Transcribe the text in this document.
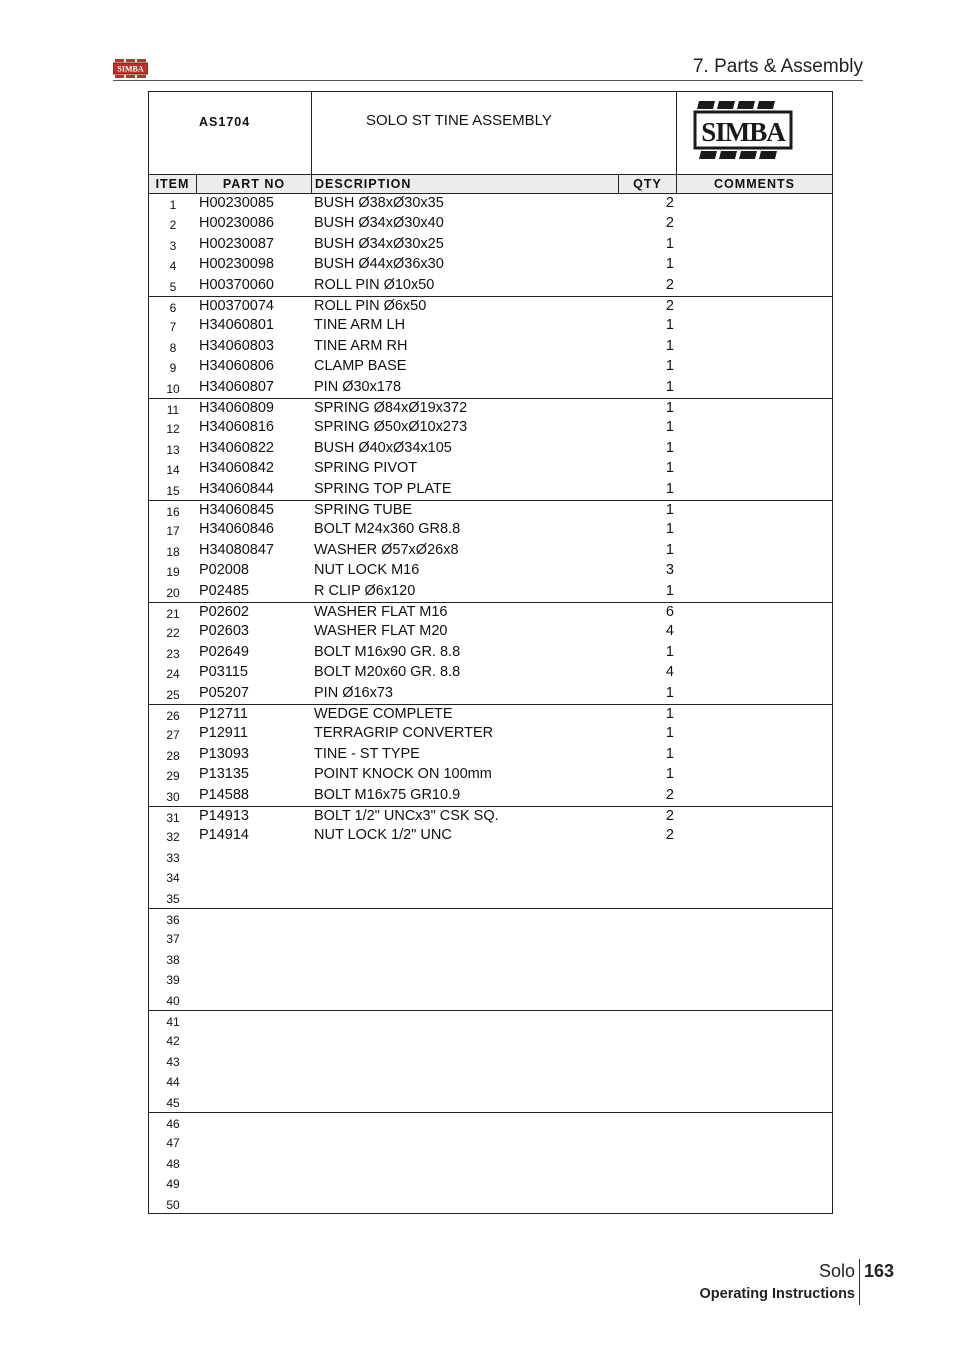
SIMBA	7. Parts & Assembly
AS1704	SOLO ST TINE ASSEMBLY	SIMBA
ITEM	PART NO	DESCRIPTION	QTY	COMMENTS
1	H00230085	BUSH Ø38xØ30x35	2
2	H00230086	BUSH Ø34xØ30x40	2
3	H00230087	BUSH Ø34xØ30x25	1
4	H00230098	BUSH Ø44xØ36x30	1
5	H00370060	ROLL PIN Ø10x50	2
6	H00370074	ROLL PIN Ø6x50	2
7	H34060801	TINE ARM LH	1
8	H34060803	TINE ARM RH	1
9	H34060806	CLAMP BASE	1
10	H34060807	PIN Ø30x178	1
11	H34060809	SPRING Ø84xØ19x372	1
12	H34060816	SPRING Ø50xØ10x273	1
13	H34060822	BUSH Ø40xØ34x105	1
14	H34060842	SPRING PIVOT	1
15	H34060844	SPRING TOP PLATE	1
16	H34060845	SPRING TUBE	1
17	H34060846	BOLT M24x360 GR8.8	1
18	H34080847	WASHER Ø57xØ26x8	1
19	P02008	NUT LOCK M16	3
20	P02485	R CLIP Ø6x120	1
21	P02602	WASHER FLAT M16	6
22	P02603	WASHER FLAT M20	4
23	P02649	BOLT M16x90 GR. 8.8	1
24	P03115	BOLT M20x60 GR. 8.8	4
25	P05207	PIN Ø16x73	1
26	P12711	WEDGE COMPLETE	1
27	P12911	TERRAGRIP CONVERTER	1
28	P13093	TINE - ST TYPE	1
29	P13135	POINT KNOCK ON 100mm	1
30	P14588	BOLT M16x75 GR10.9	2
31	P14913	BOLT 1/2" UNCx3" CSK SQ.	2
32	P14914	NUT LOCK 1/2" UNC	2
33
34
35
36
37
38
39
40
41
42
43
44
45
46
47
48
49
50
Solo 163
Operating Instructions
